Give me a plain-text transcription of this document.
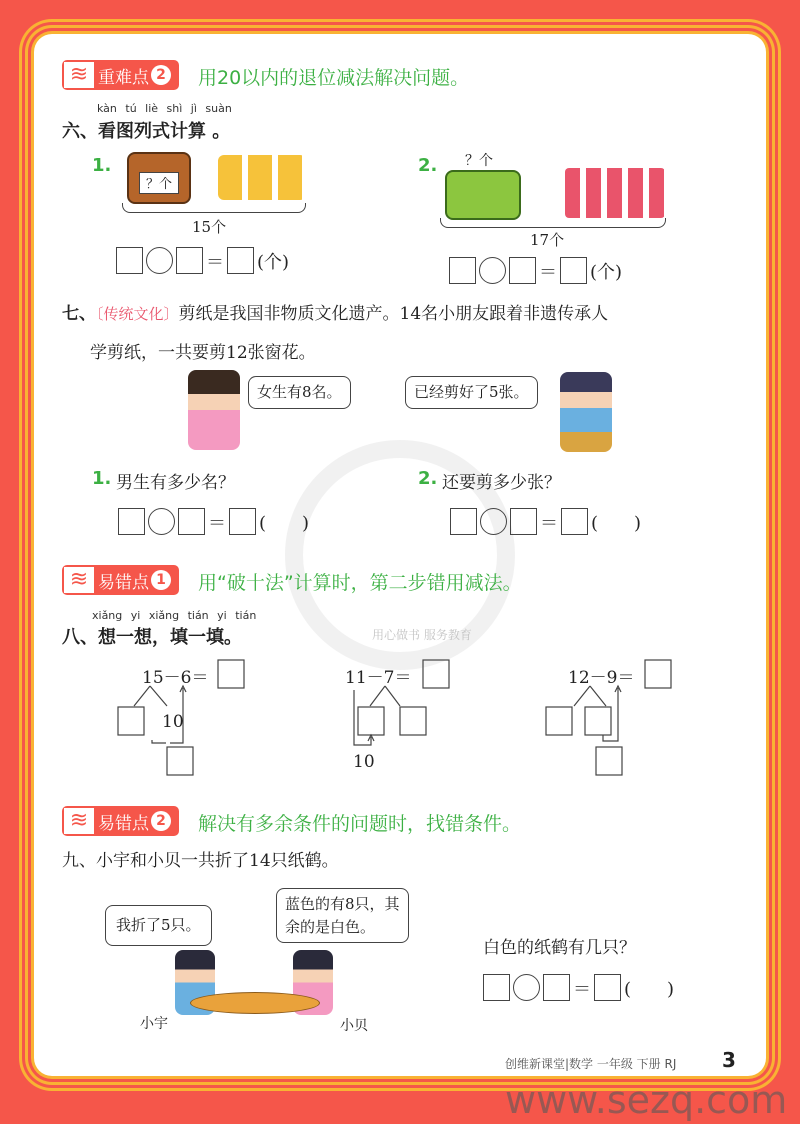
用心做书 服务教育
≋ 重难点 2 用20以内的退位减法解决问题。
kàn tú liè shì jì suàn
六、看图列式计算 。
1.
？个
15个
＝ (个)
2. ？个
17个
＝ (个)
七、〔传统文化〕剪纸是我国非物质文化遗产。14名小朋友跟着非遗传承人
学剪纸，一共要剪12张窗花。
女生有8名。	已经剪好了5张。
1. 男生有多少名？
＝ (　　)
2. 还要剪多少张？
＝ (　　)
≋ 易错点 1 用“破十法”计算时，第二步错用减法。
xiǎng yi xiǎng tián yi tián
八、想一想，填一填。
15－6＝
10
11－7＝
10
12－9＝
≋ 易错点 2 解决有多余条件的问题时，找错条件。
九、小宇和小贝一共折了14只纸鹤。
我折了5只。
蓝色的有8只，其
余的是白色。
小宇	小贝
白色的纸鹤有几只？
＝ (　　)
创维新课堂|数学 一年级 下册 RJ 3
www.sezq.com
